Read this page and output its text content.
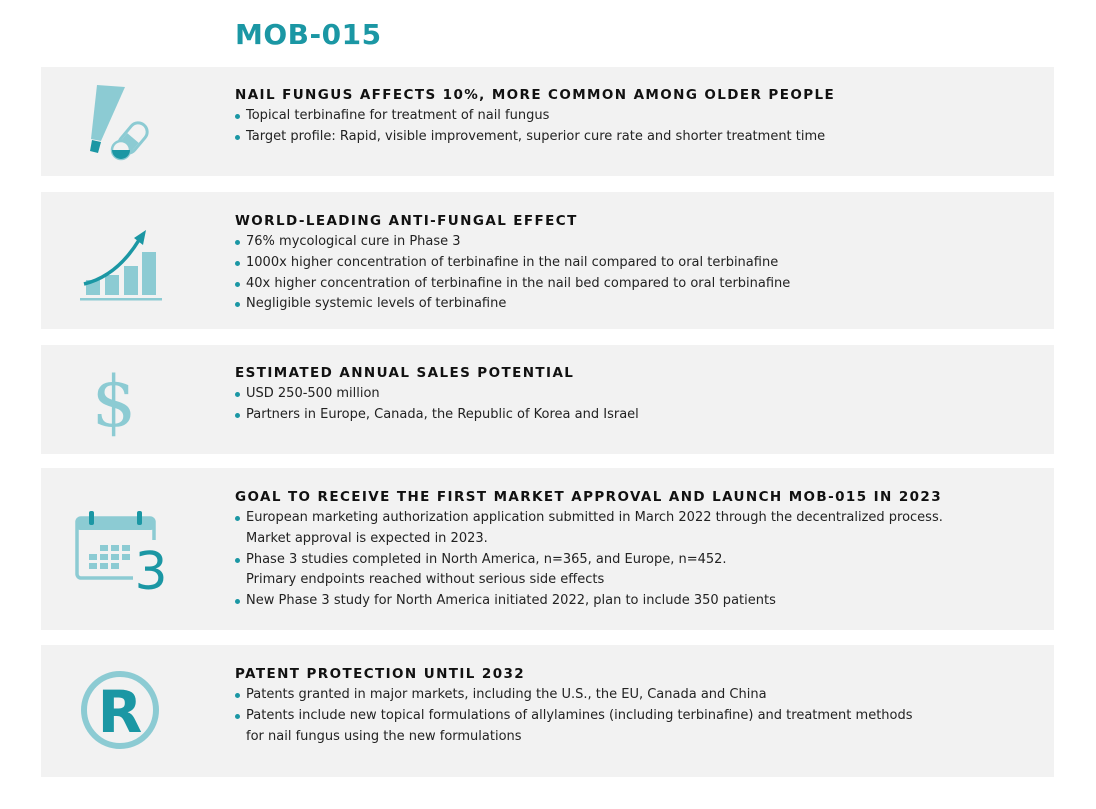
MOB-015
NAIL FUNGUS AFFECTS 10%, MORE COMMON AMONG OLDER PEOPLE
Topical terbinafine for treatment of nail fungus
Target profile: Rapid, visible improvement, superior cure rate and shorter treatment time
WORLD-LEADING ANTI-FUNGAL EFFECT
76% mycological cure in Phase 3
1000x higher concentration of terbinafine in the nail compared to oral terbinafine
40x higher concentration of terbinafine in the nail bed compared to oral terbinafine
Negligible systemic levels of terbinafine
$	ESTIMATED ANNUAL SALES POTENTIAL
USD 250-500 million
Partners in Europe, Canada, the Republic of Korea and Israel
3
GOAL TO RECEIVE THE FIRST MARKET APPROVAL AND LAUNCH MOB-015 IN 2023
European marketing authorization application submitted in March 2022 through the decentralized process.
Market approval is expected in 2023.
Phase 3 studies completed in North America, n=365, and Europe, n=452.
Primary endpoints reached without serious side effects
New Phase 3 study for North America initiated 2022, plan to include 350 patients
R
PATENT PROTECTION UNTIL 2032
Patents granted in major markets, including the U.S., the EU, Canada and China
Patents include new topical formulations of allylamines (including terbinafine) and treatment methods
for nail fungus using the new formulations
